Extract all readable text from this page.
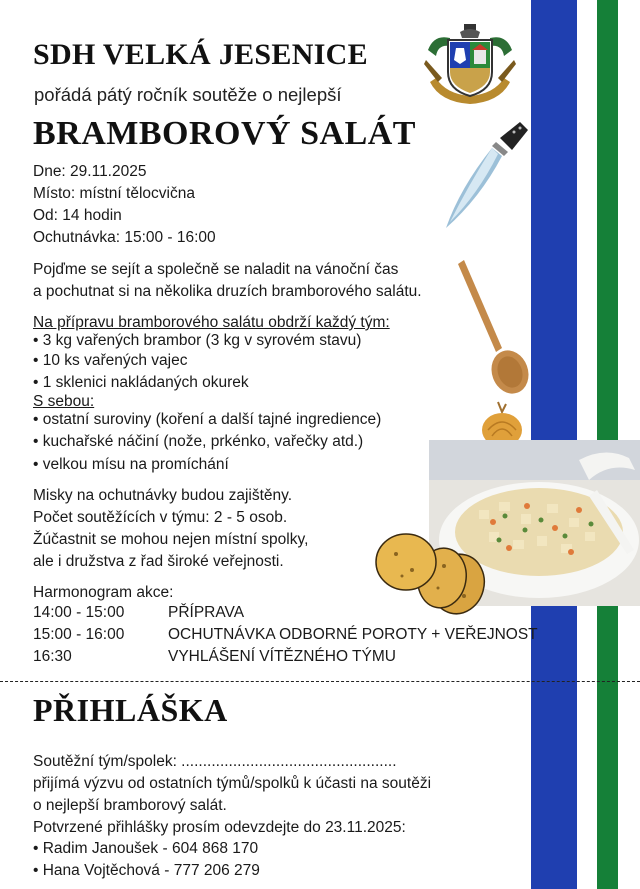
SDH VELKÁ JESENICE
pořádá pátý ročník soutěže o nejlepší
BRAMBOROVÝ SALÁT
Dne: 29.11.2025
Místo: místní tělocvična
Od: 14 hodin
Ochutnávka: 15:00 - 16:00
Pojďme se sejít a společně se naladit na vánoční čas
a pochutnat si na několika druzích bramborového salátu.
Na přípravu bramborového salátu obdrží každý tým:
• 3 kg vařených brambor (3 kg v syrovém stavu)
• 10 ks vařených vajec
• 1 sklenici nakládaných okurek
S sebou:
• ostatní suroviny (koření a další tajné ingredience)
• kuchařské náčiní (nože, prkénko, vařečky atd.)
• velkou mísu na promíchání
Misky na ochutnávky budou zajištěny.
Počet soutěžících v týmu: 2 - 5 osob.
Žúčastnit se mohou nejen místní spolky,
ale i družstva z řad široké veřejnosti.
Harmonogram akce:
14:00 - 15:00	PŘÍPRAVA
15:00 - 16:00	OCHUTNÁVKA ODBORNÉ POROTY + VEŘEJNOST
16:30	VYHLÁŠENÍ VÍTĚZNÉHO TÝMU
PŘIHLÁŠKA
Soutěžní tým/spolek: ..................................................
přijímá výzvu od ostatních týmů/spolků k účasti na soutěži
o nejlepší bramborový salát.
Potvrzené přihlášky prosím odevzdejte do 23.11.2025:
• Radim Janoušek - 604 868 170
• Hana Vojtěchová - 777 206 279
